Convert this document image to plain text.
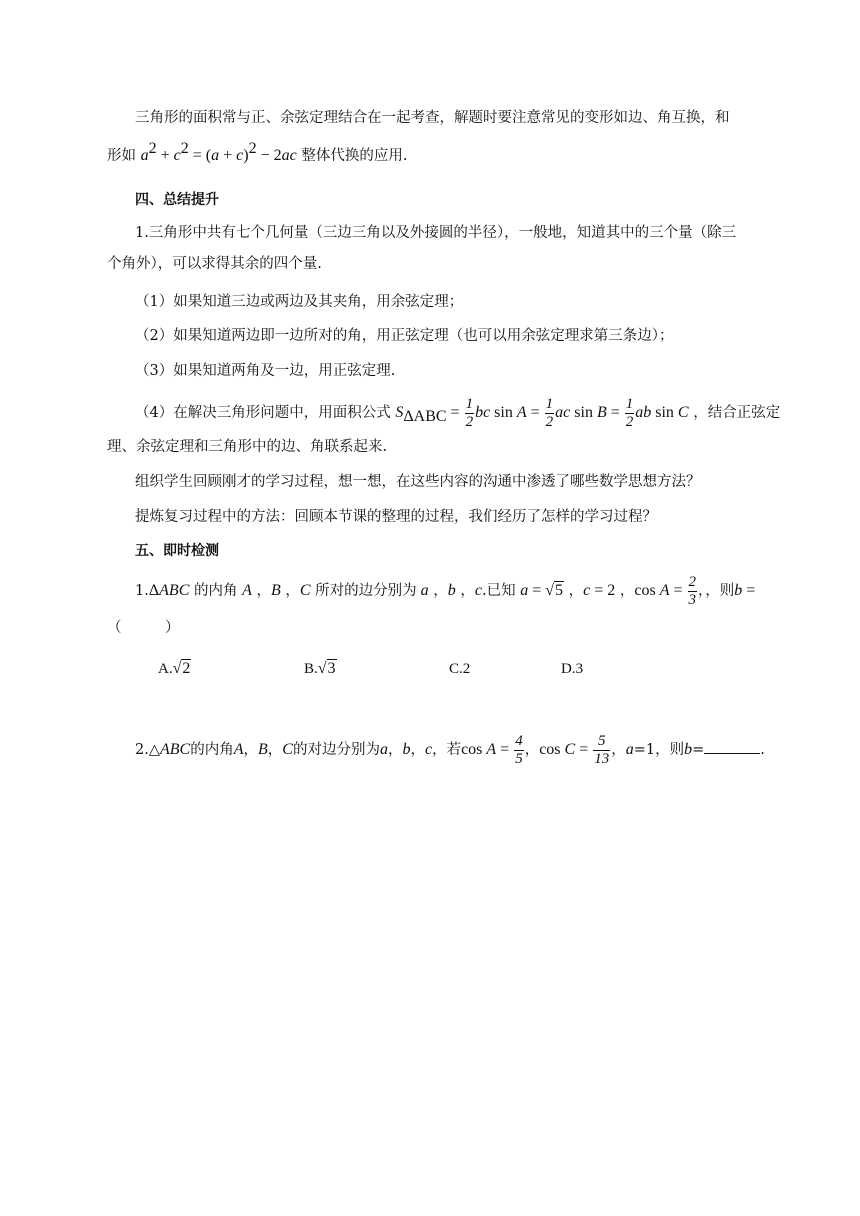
三角形的面积常与正、余弦定理结合在一起考查，解题时要注意常见的变形如边、角互换，和
形如 $a^2 + c^2 = (a + c)^2 - 2ac$ 整体代换的应用.
四、总结提升
1.三角形中共有七个几何量（三边三角以及外接圆的半径），一般地，知道其中的三个量（除三
个角外），可以求得其余的四个量.
（1）如果知道三边或两边及其夹角，用余弦定理；
（2）如果知道两边即一边所对的角，用正弦定理（也可以用余弦定理求第三条边）；
（3）如果知道两角及一边，用正弦定理.
（4）在解决三角形问题中，用面积公式 $S_{\Delta ABC} = \frac{1}{2}$ bc $\sin A = \frac{1}{2}$ ac $\sin B = \frac{1}{2}$ ab sin C ，结合正弦定
理、余弦定理和三角形中的边、角联系起来.
组织学生回顾刚才的学习过程，想一想，在这些内容的沟通中渗透了哪些数学思想方法？
提炼复习过程中的方法：回顾本节课的整理的过程，我们经历了怎样的学习过程？
五、即时检测
1.ΔABC 的内角 A ，B ，C 所对的边分别为 a ，b ，c.已知 a = √5 ，c = 2 ，$\cos A = \frac{2}{3}$ ，，则b =
（　　　）
A.√2	B.√3	C.2	D.3
2.△ABC的内角A，B，C的对边分别为a，b，c，若$\cos A = \frac{4}{5}$ ，$\cos C = \frac{5}{13}$ ，a=1，则b=	.
